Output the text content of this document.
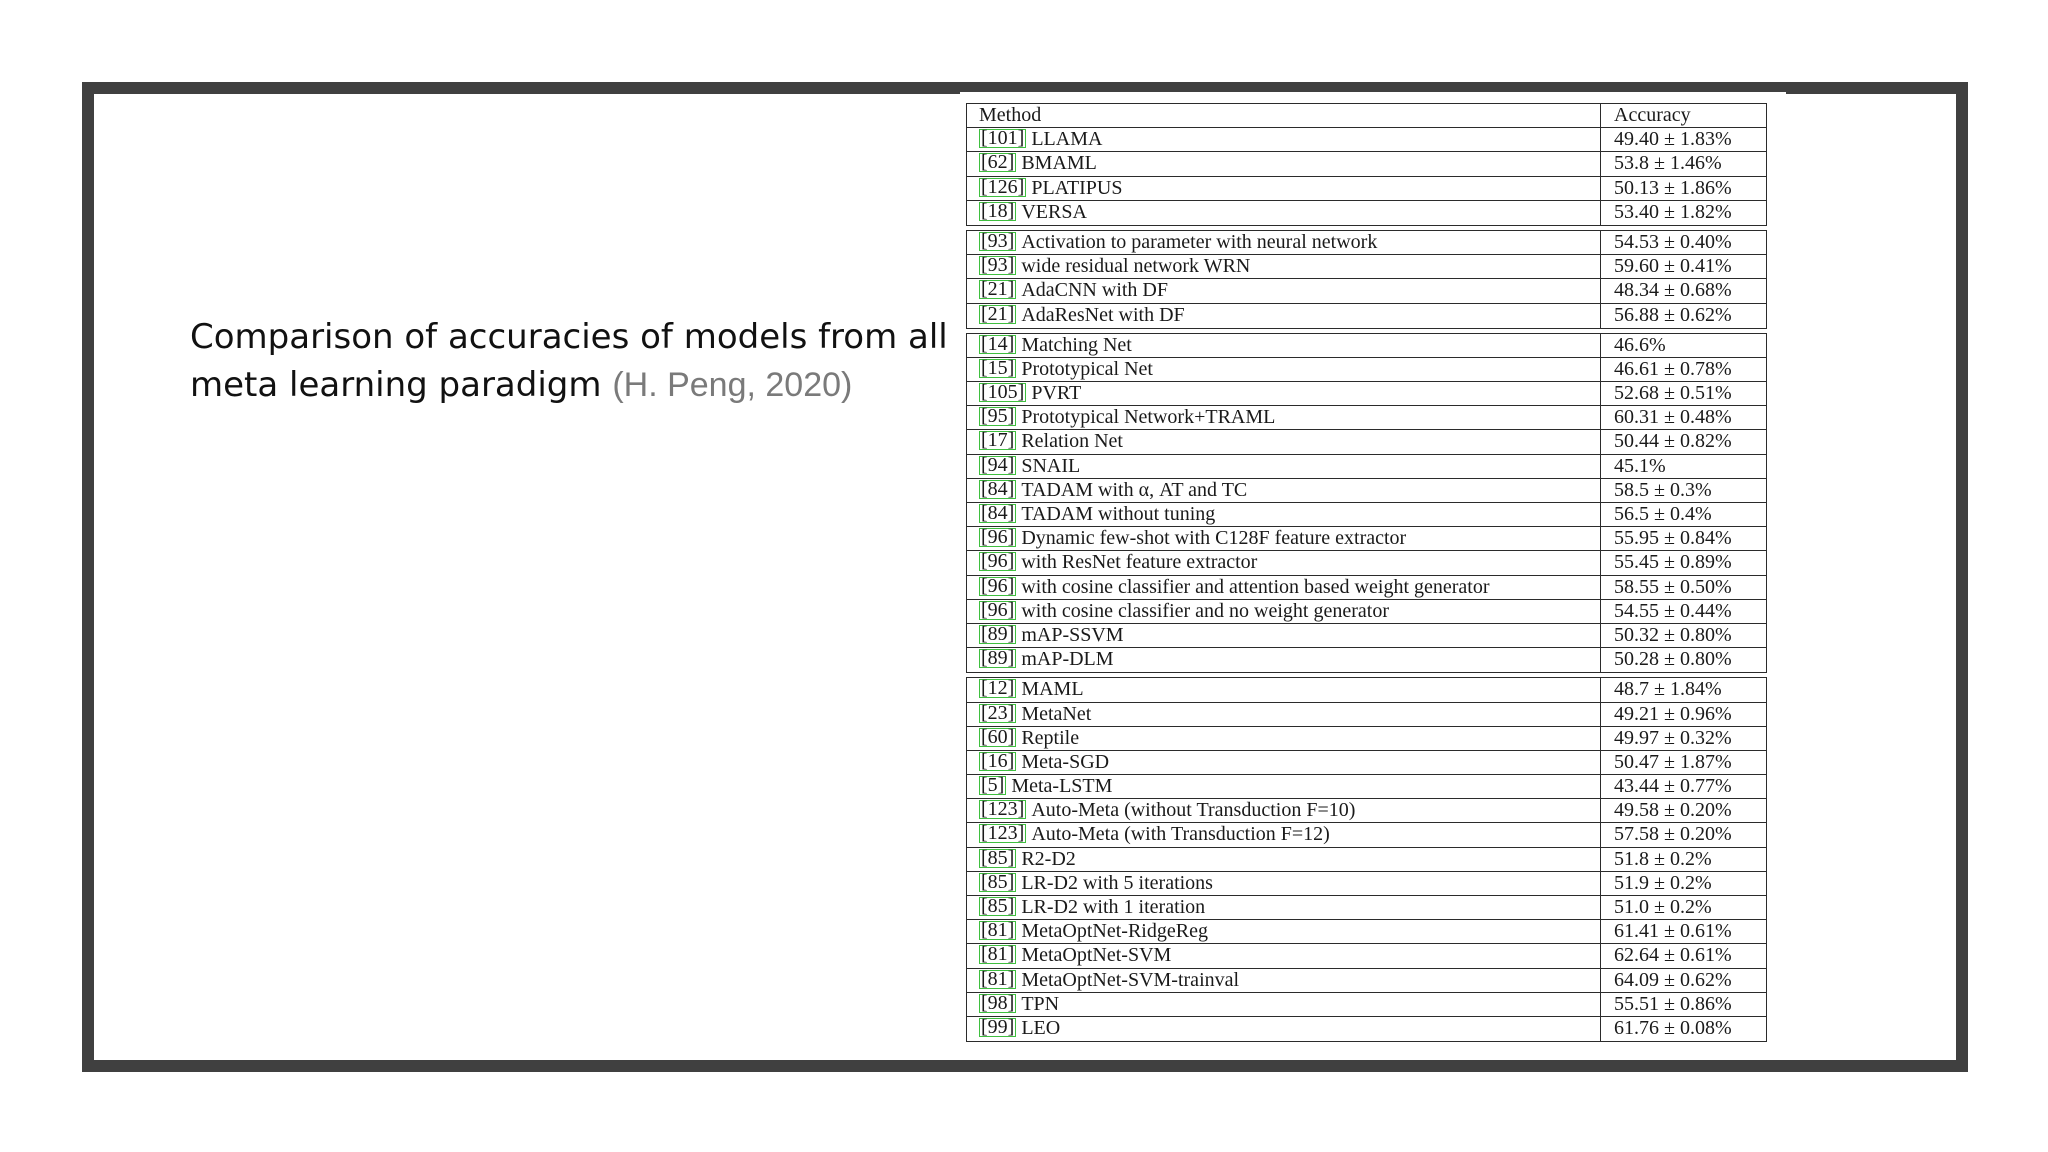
Comparison of accuracies of models from all meta learning paradigm (H. Peng, 2020)
Method	Accuracy
[101] LLAMA	49.40 ± 1.83%
[62] BMAML	53.8 ± 1.46%
[126] PLATIPUS	50.13 ± 1.86%
[18] VERSA	53.40 ± 1.82%
[93] Activation to parameter with neural network	54.53 ± 0.40%
[93] wide residual network WRN	59.60 ± 0.41%
[21] AdaCNN with DF	48.34 ± 0.68%
[21] AdaResNet with DF	56.88 ± 0.62%
[14] Matching Net	46.6%
[15] Prototypical Net	46.61 ± 0.78%
[105] PVRT	52.68 ± 0.51%
[95] Prototypical Network+TRAML	60.31 ± 0.48%
[17] Relation Net	50.44 ± 0.82%
[94] SNAIL	45.1%
[84] TADAM with α, AT and TC	58.5 ± 0.3%
[84] TADAM without tuning	56.5 ± 0.4%
[96] Dynamic few-shot with C128F feature extractor	55.95 ± 0.84%
[96] with ResNet feature extractor	55.45 ± 0.89%
[96] with cosine classifier and attention based weight generator	58.55 ± 0.50%
[96] with cosine classifier and no weight generator	54.55 ± 0.44%
[89] mAP-SSVM	50.32 ± 0.80%
[89] mAP-DLM	50.28 ± 0.80%
[12] MAML	48.7 ± 1.84%
[23] MetaNet	49.21 ± 0.96%
[60] Reptile	49.97 ± 0.32%
[16] Meta-SGD	50.47 ± 1.87%
[5] Meta-LSTM	43.44 ± 0.77%
[123] Auto-Meta (without Transduction F=10)	49.58 ± 0.20%
[123] Auto-Meta (with Transduction F=12)	57.58 ± 0.20%
[85] R2-D2	51.8 ± 0.2%
[85] LR-D2 with 5 iterations	51.9 ± 0.2%
[85] LR-D2 with 1 iteration	51.0 ± 0.2%
[81] MetaOptNet-RidgeReg	61.41 ± 0.61%
[81] MetaOptNet-SVM	62.64 ± 0.61%
[81] MetaOptNet-SVM-trainval	64.09 ± 0.62%
[98] TPN	55.51 ± 0.86%
[99] LEO	61.76 ± 0.08%
